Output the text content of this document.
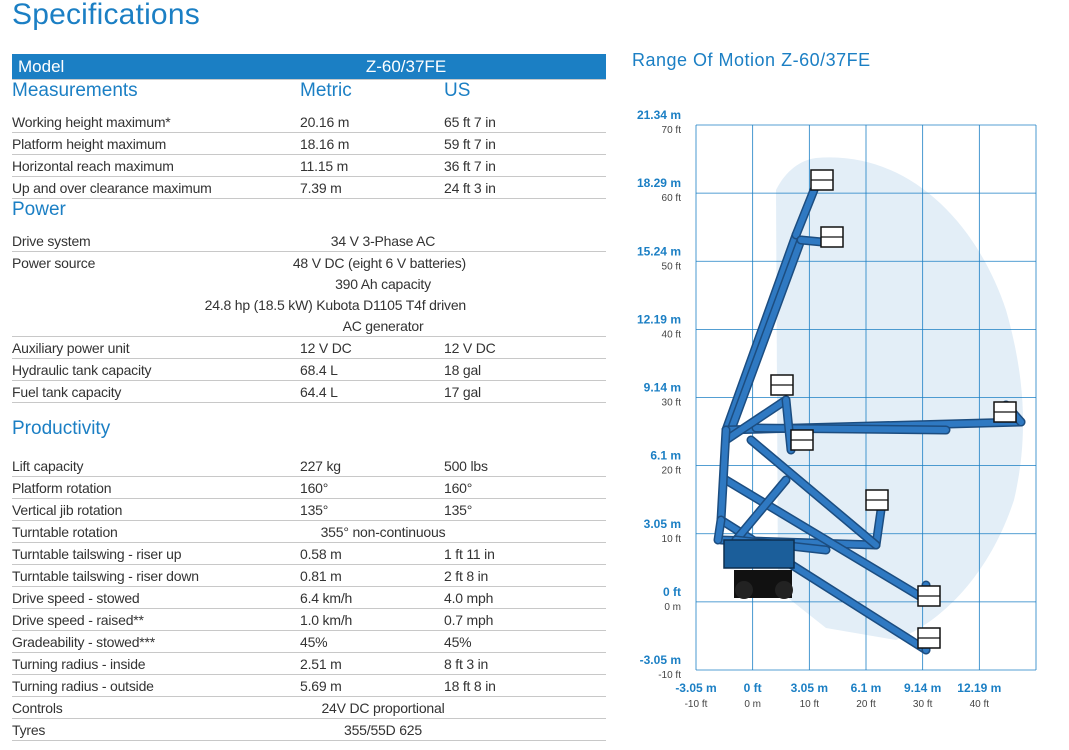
Specifications
Model	Z-60/37FE
Measurements	Metric	US
Working height maximum*	20.16 m	65 ft 7 in
Platform height maximum	18.16 m	59 ft 7 in
Horizontal reach maximum	11.15 m	36 ft 7 in
Up and over clearance maximum	7.39 m	24 ft 3 in
Power
Drive system	34 V 3-Phase AC
Power source	48 V DC (eight 6 V batteries)
390 Ah capacity
24.8 hp (18.5 kW) Kubota D1105 T4f driven
AC generator
Auxiliary power unit	12 V DC	12 V DC
Hydraulic tank capacity	68.4 L	18 gal
Fuel tank capacity	64.4 L	17 gal
Productivity
Lift capacity	227 kg	500 lbs
Platform rotation	160°	160°
Vertical jib rotation	135°	135°
Turntable rotation	355° non-continuous
Turntable tailswing - riser up	0.58 m	1 ft 11 in
Turntable tailswing - riser down	0.81 m	2 ft 8 in
Drive speed - stowed	6.4 km/h	4.0 mph
Drive speed - raised**	1.0 km/h	0.7 mph
Gradeability - stowed***	45%	45%
Turning radius - inside	2.51 m	8 ft 3 in
Turning radius - outside	5.69 m	18 ft 8 in
Controls	24V DC proportional
Tyres	355/55D 625
Range Of Motion Z-60/37FE
21.34 m
70 ft
18.29 m
60 ft
15.24 m
50 ft
12.19 m
40 ft
9.14 m
30 ft
6.1 m
20 ft
3.05 m
10 ft
0 ft
0 m
-3.05 m
-10 ft
-3.05 m
-10 ft
0 ft
0 m
3.05 m
10 ft
6.1 m
20 ft
9.14 m
30 ft
12.19 m
40 ft
